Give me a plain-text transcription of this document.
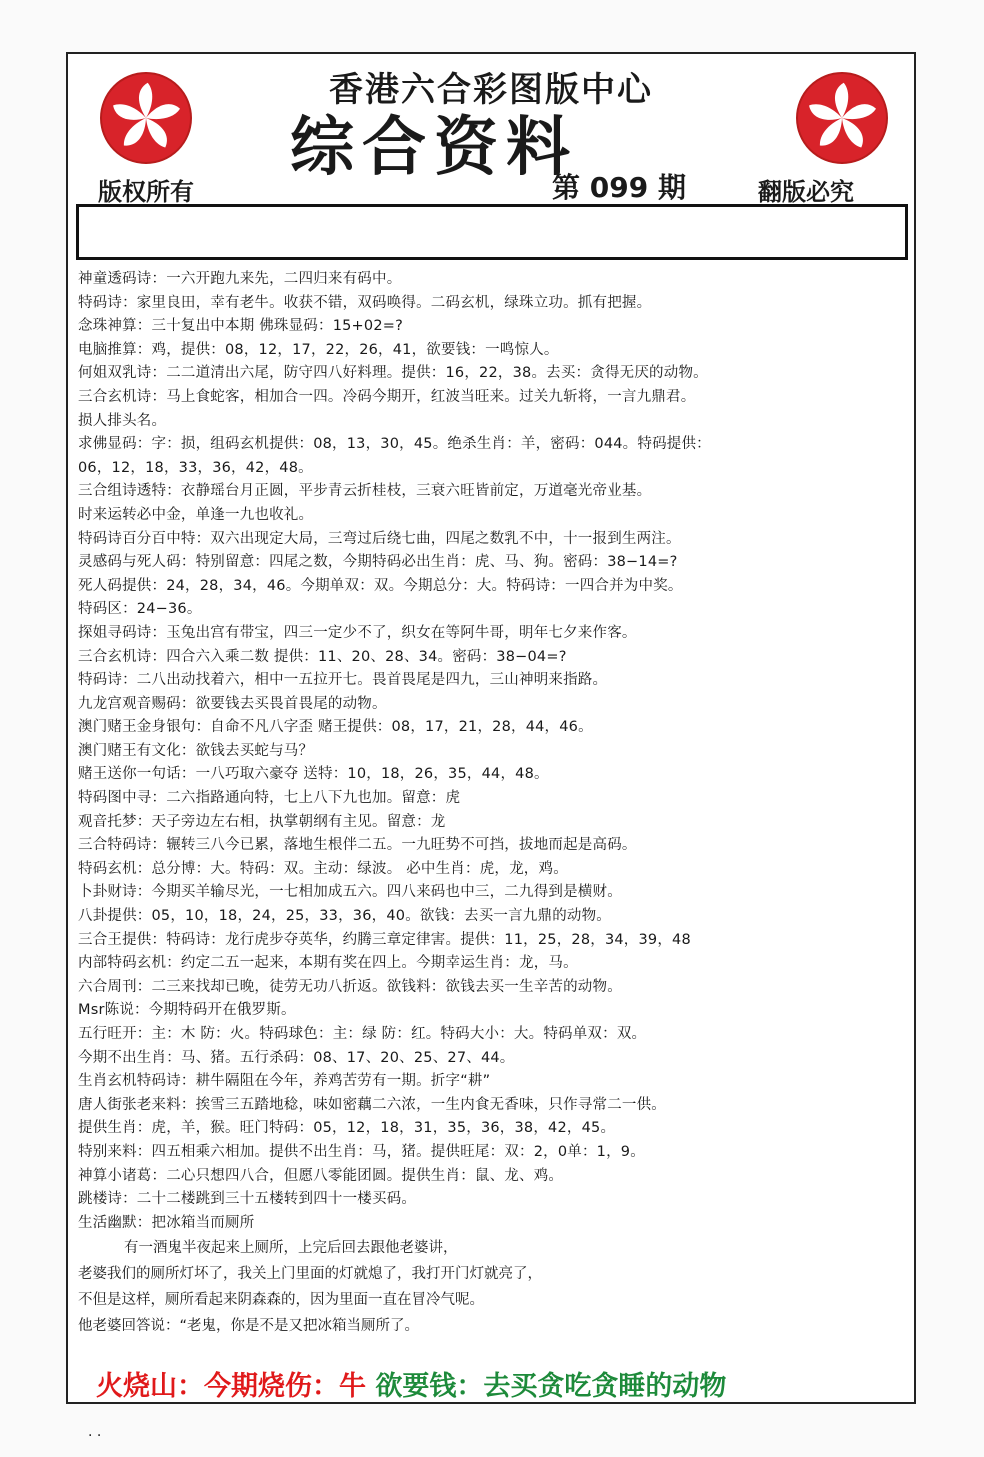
香港六合彩图版中心
综合资料
第 099 期
版权所有	翻版必究
神童透码诗：一六开跑九来先，二四归来有码中。
特码诗：家里良田，幸有老牛。收获不错，双码唤得。二码玄机，绿珠立功。抓有把握。
念珠神算：三十复出中本期 佛珠显码：15+02=?
电脑推算：鸡，提供：08，12，17，22，26，41，欲要钱：一鸣惊人。
何姐双乳诗：二二道清出六尾，防守四八好料理。提供：16，22，38。去买：贪得无厌的动物。
三合玄机诗：马上食蛇客，相加合一四。冷码今期开，红波当旺来。过关九斩将，一言九鼎君。
损人排头名。
求佛显码：字：损，组码玄机提供：08，13，30，45。绝杀生肖：羊，密码：044。特码提供：
06，12，18，33，36，42，48。
三合组诗透特：衣静瑶台月正圆，平步青云折桂枝，三衰六旺皆前定，万道毫光帝业基。
时来运转必中金，单逢一九也收礼。
特码诗百分百中特：双六出现定大局，三弯过后绕七曲，四尾之数乳不中，十一报到生两注。
灵感码与死人码：特别留意：四尾之数，今期特码必出生肖：虎、马、狗。密码：38−14=?
死人码提供：24，28，34，46。今期单双：双。今期总分：大。特码诗：一四合并为中奖。
特码区：24−36。
探姐寻码诗：玉兔出宫有带宝，四三一定少不了，织女在等阿牛哥，明年七夕来作客。
三合玄机诗：四合六入乘二数 提供：11、20、28、34。密码：38−04=?
特码诗：二八出动找着六，相中一五拉开七。畏首畏尾是四九，三山神明来指路。
九龙宫观音赐码：欲要钱去买畏首畏尾的动物。
澳门赌王金身银句：自命不凡八字歪 赌王提供：08，17，21，28，44，46。
澳门赌王有文化：欲钱去买蛇与马？
赌王送你一句话：一八巧取六豪夺 送特：10，18，26，35，44，48。
特码图中寻：二六指路通向特，七上八下九也加。留意：虎
观音托梦：天子旁边左右相，执掌朝纲有主见。留意：龙
三合特码诗：辗转三八今已累，落地生根伴二五。一九旺势不可挡，拔地而起是高码。
特码玄机：总分博：大。特码：双。主动：绿波。 必中生肖：虎，龙，鸡。
卜卦财诗：今期买羊输尽光，一七相加成五六。四八来码也中三，二九得到是横财。
八卦提供：05，10，18，24，25，33，36，40。欲钱：去买一言九鼎的动物。
三合王提供：特码诗：龙行虎步夺英华，约腾三章定律害。提供：11，25，28，34，39，48
内部特码玄机：约定二五一起来，本期有奖在四上。今期幸运生肖：龙，马。
六合周刊：二三来找却已晚，徒劳无功八折返。欲钱料：欲钱去买一生辛苦的动物。
Msr陈说：今期特码开在俄罗斯。
五行旺开：主：木 防：火。特码球色：主：绿 防：红。特码大小：大。特码单双：双。
今期不出生肖：马、猪。五行杀码：08、17、20、25、27、44。
生肖玄机特码诗：耕牛隔阻在今年，养鸡苦劳有一期。折字“耕”
唐人街张老来料：挨雪三五踏地稔，味如密藕二六浓，一生内食无香味，只作寻常二一供。
提供生肖：虎，羊，猴。旺门特码：05，12，18，31，35，36，38，42，45。
特别来料：四五相乘六相加。提供不出生肖：马，猪。提供旺尾：双：2，0单：1，9。
神算小诸葛：二心只想四八合，但愿八零能团圆。提供生肖：鼠、龙、鸡。
跳楼诗：二十二楼跳到三十五楼转到四十一楼买码。
生活幽默：把冰箱当而厕所
有一酒鬼半夜起来上厕所，上完后回去跟他老婆讲，
老婆我们的厕所灯坏了，我关上门里面的灯就熄了，我打开门灯就亮了，
不但是这样，厕所看起来阴森森的，因为里面一直在冒冷气呢。
他老婆回答说：“老鬼，你是不是又把冰箱当厕所了。
火烧山：今期烧伤：牛 欲要钱：去买贪吃贪睡的动物
. .
